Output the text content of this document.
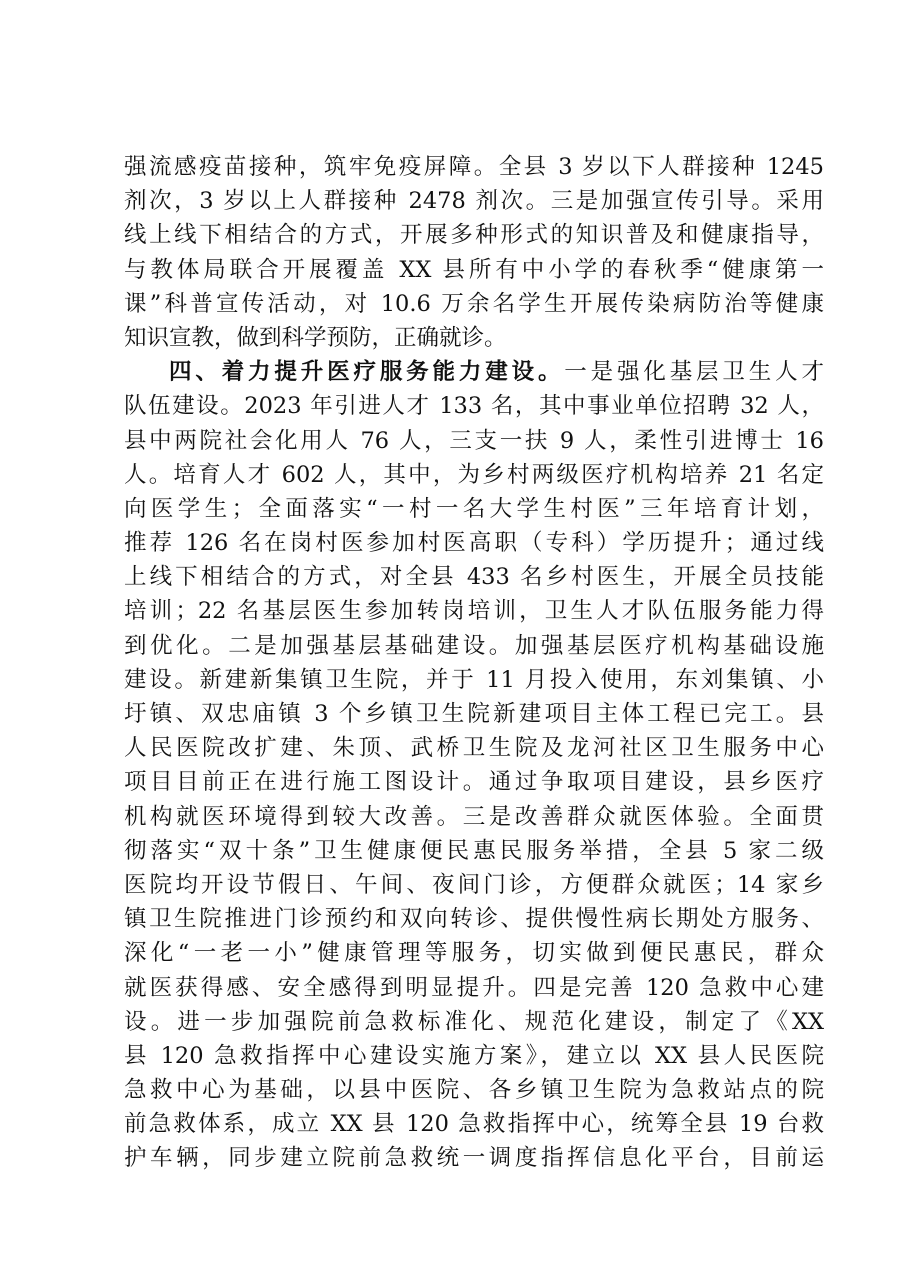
强流感疫苗接种，筑牢免疫屏障。全县 3 岁以下人群接种 1245
剂次，3 岁以上人群接种 2478 剂次。三是加强宣传引导。采用
线上线下相结合的方式，开展多种形式的知识普及和健康指导，
与教体局联合开展覆盖 XX 县所有中小学的春秋季“健康第一
课”科普宣传活动，对 10.6 万余名学生开展传染病防治等健康
知识宣教，做到科学预防，正确就诊。
四、着力提升医疗服务能力建设。一是强化基层卫生人才
队伍建设。2023 年引进人才 133 名，其中事业单位招聘 32 人，
县中两院社会化用人 76 人，三支一扶 9 人，柔性引进博士 16
人。培育人才 602 人，其中，为乡村两级医疗机构培养 21 名定
向医学生；全面落实“一村一名大学生村医”三年培育计划，
推荐 126 名在岗村医参加村医高职（专科）学历提升；通过线
上线下相结合的方式，对全县 433 名乡村医生，开展全员技能
培训；22 名基层医生参加转岗培训，卫生人才队伍服务能力得
到优化。二是加强基层基础建设。加强基层医疗机构基础设施
建设。新建新集镇卫生院，并于 11 月投入使用，东刘集镇、小
圩镇、双忠庙镇 3 个乡镇卫生院新建项目主体工程已完工。县
人民医院改扩建、朱顶、武桥卫生院及龙河社区卫生服务中心
项目目前正在进行施工图设计。通过争取项目建设，县乡医疗
机构就医环境得到较大改善。三是改善群众就医体验。全面贯
彻落实“双十条”卫生健康便民惠民服务举措，全县 5 家二级
医院均开设节假日、午间、夜间门诊，方便群众就医；14 家乡
镇卫生院推进门诊预约和双向转诊、提供慢性病长期处方服务、
深化“一老一小”健康管理等服务，切实做到便民惠民，群众
就医获得感、安全感得到明显提升。四是完善 120 急救中心建
设。进一步加强院前急救标准化、规范化建设，制定了《XX
县 120 急救指挥中心建设实施方案》，建立以 XX 县人民医院
急救中心为基础，以县中医院、各乡镇卫生院为急救站点的院
前急救体系，成立 XX 县 120 急救指挥中心，统筹全县 19 台救
护车辆，同步建立院前急救统一调度指挥信息化平台，目前运
